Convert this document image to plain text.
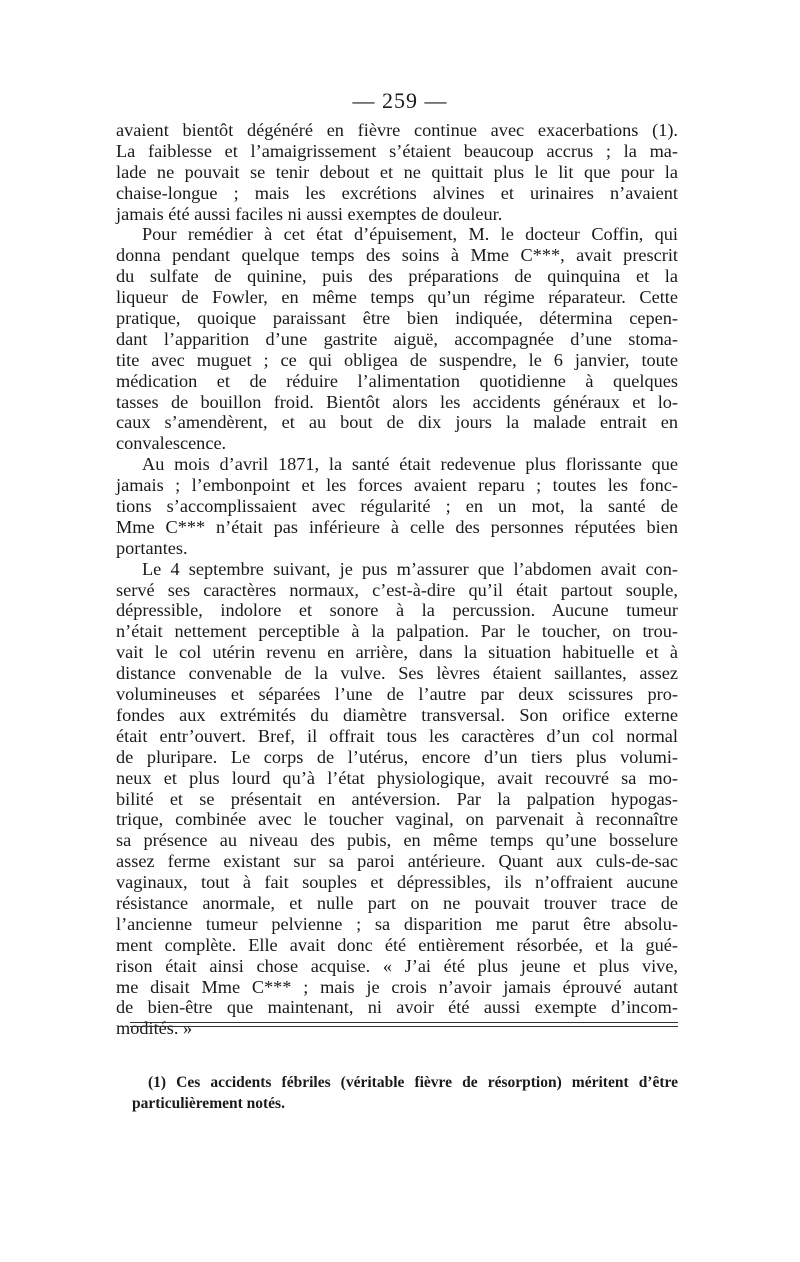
— 259 —
avaient bientôt dégénéré en fièvre continue avec exacerbations (1).
La faiblesse et l’amaigrissement s’étaient beaucoup accrus ; la ma-
lade ne pouvait se tenir debout et ne quittait plus le lit que pour la
chaise-longue ; mais les excrétions alvines et urinaires n’avaient
jamais été aussi faciles ni aussi exemptes de douleur.
Pour remédier à cet état d’épuisement, M. le docteur Coffin, qui
donna pendant quelque temps des soins à Mme C***, avait prescrit
du sulfate de quinine, puis des préparations de quinquina et la
liqueur de Fowler, en même temps qu’un régime réparateur. Cette
pratique, quoique paraissant être bien indiquée, détermina cepen-
dant l’apparition d’une gastrite aiguë, accompagnée d’une stoma-
tite avec muguet ; ce qui obligea de suspendre, le 6 janvier, toute
médication et de réduire l’alimentation quotidienne à quelques
tasses de bouillon froid. Bientôt alors les accidents généraux et lo-
caux s’amendèrent, et au bout de dix jours la malade entrait en
convalescence.
Au mois d’avril 1871, la santé était redevenue plus florissante que
jamais ; l’embonpoint et les forces avaient reparu ; toutes les fonc-
tions s’accomplissaient avec régularité ; en un mot, la santé de
Mme C*** n’était pas inférieure à celle des personnes réputées bien
portantes.
Le 4 septembre suivant, je pus m’assurer que l’abdomen avait con-
servé ses caractères normaux, c’est-à-dire qu’il était partout souple,
dépressible, indolore et sonore à la percussion. Aucune tumeur
n’était nettement perceptible à la palpation. Par le toucher, on trou-
vait le col utérin revenu en arrière, dans la situation habituelle et à
distance convenable de la vulve. Ses lèvres étaient saillantes, assez
volumineuses et séparées l’une de l’autre par deux scissures pro-
fondes aux extrémités du diamètre transversal. Son orifice externe
était entr’ouvert. Bref, il offrait tous les caractères d’un col normal
de pluripare. Le corps de l’utérus, encore d’un tiers plus volumi-
neux et plus lourd qu’à l’état physiologique, avait recouvré sa mo-
bilité et se présentait en antéversion. Par la palpation hypogas-
trique, combinée avec le toucher vaginal, on parvenait à reconnaître
sa présence au niveau des pubis, en même temps qu’une bosselure
assez ferme existant sur sa paroi antérieure. Quant aux culs-de-sac
vaginaux, tout à fait souples et dépressibles, ils n’offraient aucune
résistance anormale, et nulle part on ne pouvait trouver trace de
l’ancienne tumeur pelvienne ; sa disparition me parut être absolu-
ment complète. Elle avait donc été entièrement résorbée, et la gué-
rison était ainsi chose acquise. « J’ai été plus jeune et plus vive,
me disait Mme C*** ; mais je crois n’avoir jamais éprouvé autant
de bien-être que maintenant, ni avoir été aussi exempte d’incom-
modités. »
(1) Ces accidents fébriles (véritable fièvre de résorption) méritent d’être
particulièrement notés.
